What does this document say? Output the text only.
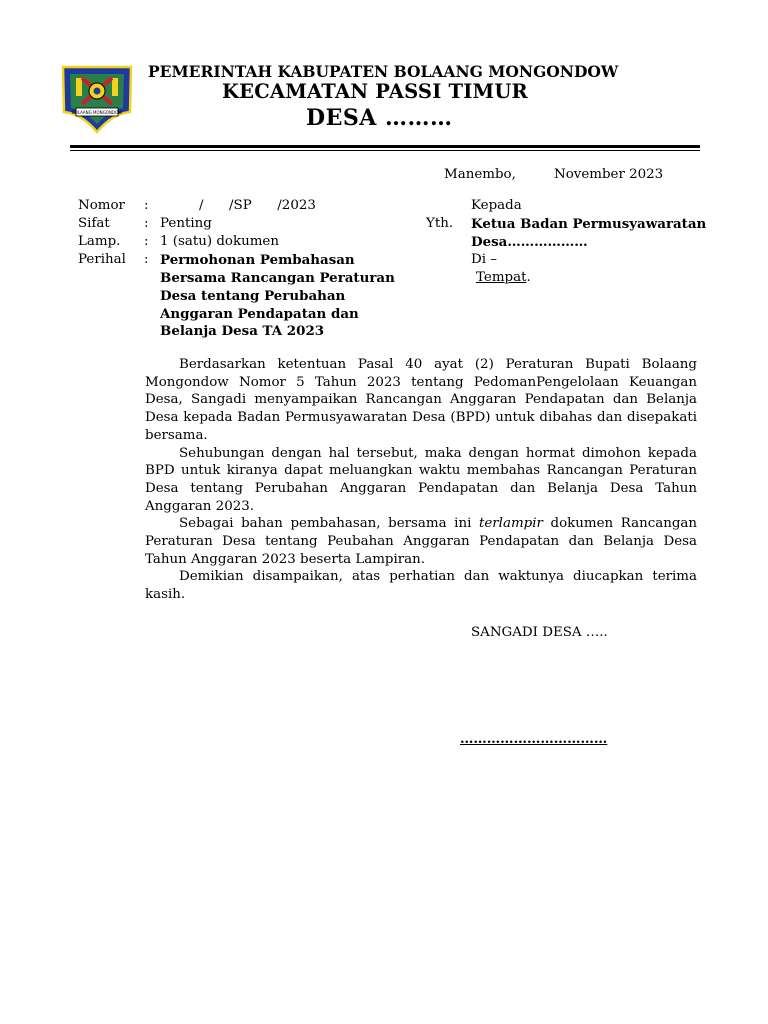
BOLAANG MONGONDOW
PEMERINTAH KABUPATEN BOLAANG MONGONDOW
KECAMATAN PASSI TIMUR
DESA ………
Manembo,	November 2023
Nomor :	/      /SP      /2023
Sifat	: Penting
Lamp. : 1 (satu) dokumen
Perihal : Permohonan Pembahasan
Bersama Rancangan Peraturan
Desa tentang Perubahan
Anggaran Pendapatan dan
Belanja Desa TA 2023
Kepada
Yth. Ketua Badan Permusyawaratan
Desa………………
Di –
Tempat.

Berdasarkan ketentuan Pasal 40 ayat (2) Peraturan Bupati Bolaang Mongondow Nomor 5 Tahun 2023 tentang PedomanPengelolaan Keuangan Desa, Sangadi menyampaikan Rancangan Anggaran Pendapatan dan Belanja Desa kepada Badan Permusyawaratan Desa (BPD) untuk dibahas dan disepakati bersama.

Sehubungan dengan hal tersebut, maka dengan hormat dimohon kepada BPD untuk kiranya dapat meluangkan waktu membahas Rancangan Peraturan Desa tentang Perubahan Anggaran Pendapatan dan Belanja Desa Tahun Anggaran 2023.

Sebagai bahan pembahasan, bersama ini terlampir dokumen Rancangan Peraturan Desa tentang Peubahan Anggaran Pendapatan dan Belanja Desa Tahun Anggaran 2023 beserta Lampiran.

Demikian disampaikan, atas perhatian dan waktunya diucapkan terima kasih.

SANGADI DESA …..
……………………………
